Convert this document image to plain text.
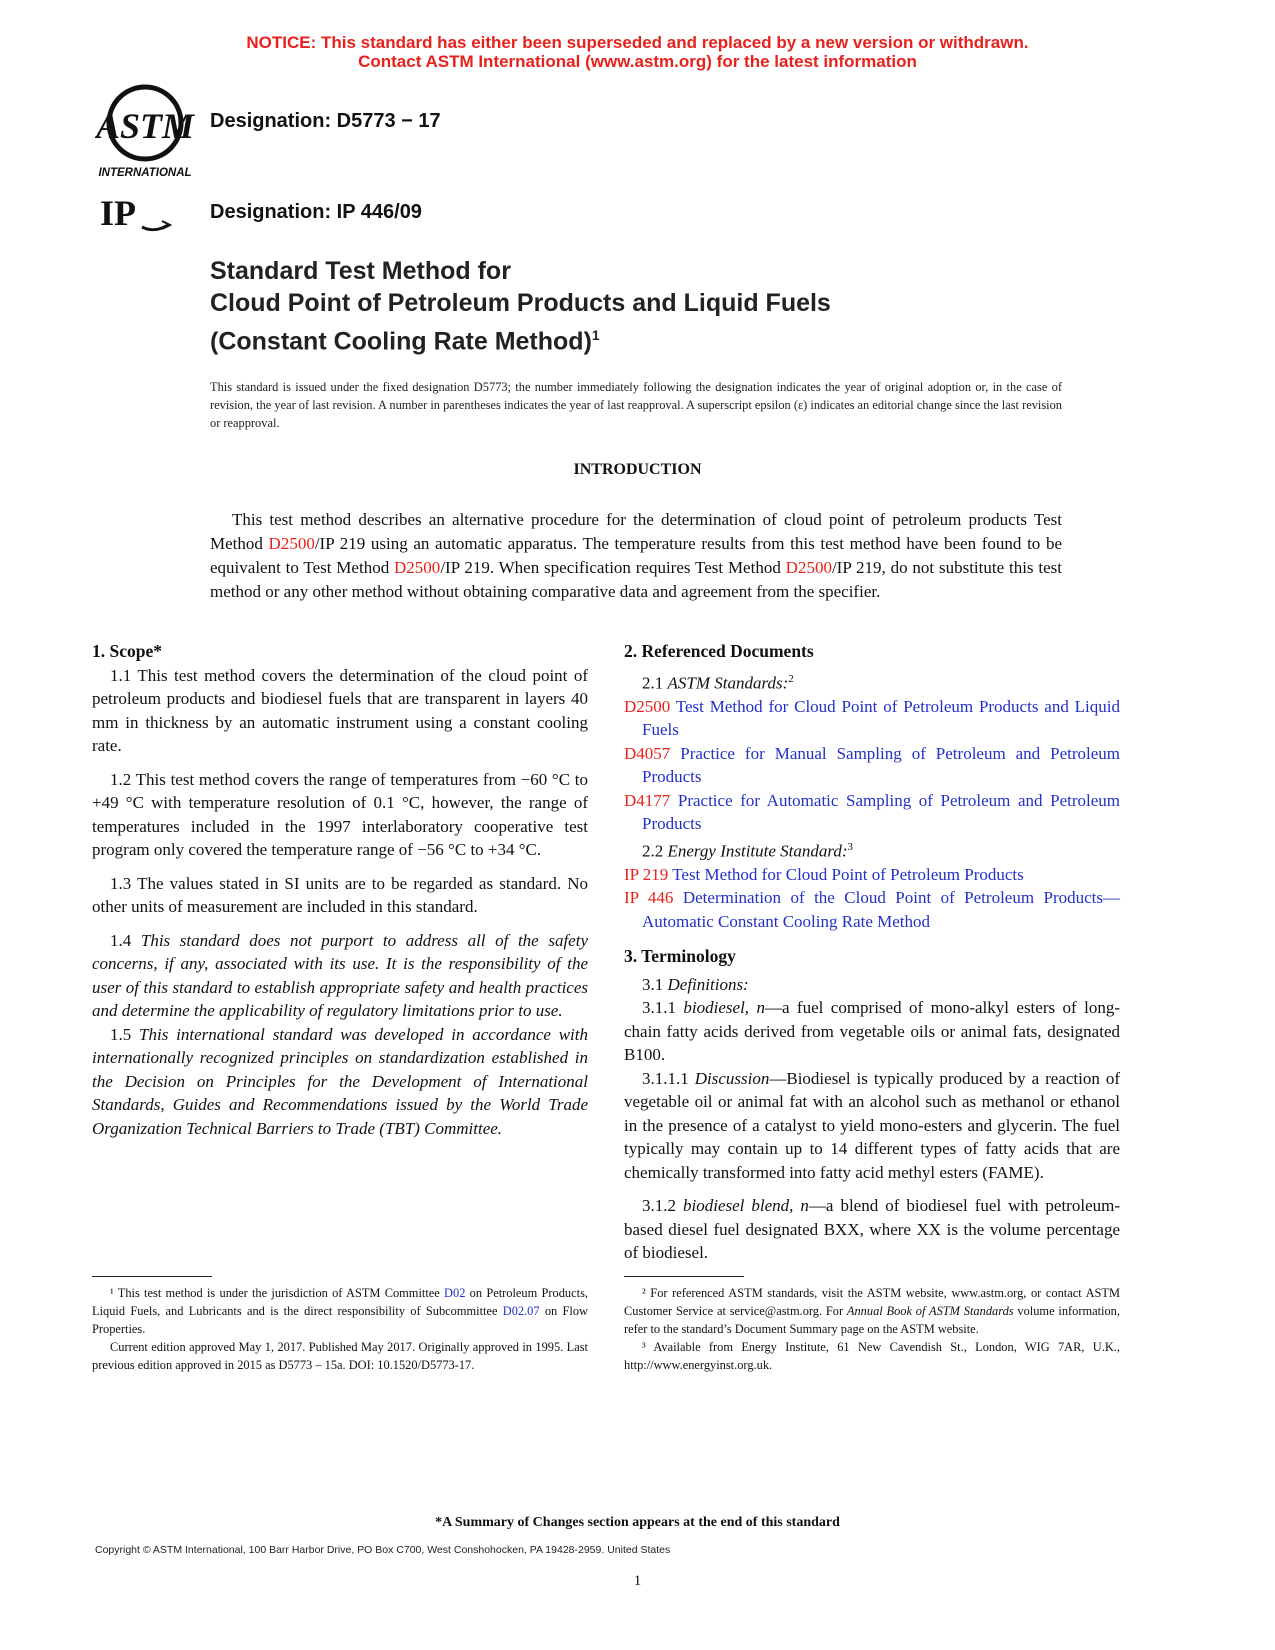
NOTICE: This standard has either been superseded and replaced by a new version or withdrawn.
Contact ASTM International (www.astm.org) for the latest information
ASTM
INTERNATIONAL
IP
Designation: D5773 − 17
Designation: IP 446/09
Standard Test Method for
Cloud Point of Petroleum Products and Liquid Fuels
(Constant Cooling Rate Method)$^1$
This standard is issued under the fixed designation D5773; the number immediately following the designation indicates the year of original adoption or, in the case of revision, the year of last revision. A number in parentheses indicates the year of last reapproval. A superscript epsilon (ε) indicates an editorial change since the last revision or reapproval.
INTRODUCTION
This test method describes an alternative procedure for the determination of cloud point of petroleum products Test Method D2500/IP 219 using an automatic apparatus. The temperature results from this test method have been found to be equivalent to Test Method D2500/IP 219. When specification requires Test Method D2500/IP 219, do not substitute this test method or any other method without obtaining comparative data and agreement from the specifier.

1. Scope*

1.1 This test method covers the determination of the cloud point of petroleum products and biodiesel fuels that are transparent in layers 40 mm in thickness by an automatic instrument using a constant cooling rate.

1.2 This test method covers the range of temperatures from −60 °C to +49 °C with temperature resolution of 0.1 °C, however, the range of temperatures included in the 1997 interlaboratory cooperative test program only covered the temperature range of −56 °C to +34 °C.

1.3 The values stated in SI units are to be regarded as standard. No other units of measurement are included in this standard.

1.4 This standard does not purport to address all of the safety concerns, if any, associated with its use. It is the responsibility of the user of this standard to establish appropriate safety and health practices and determine the applicability of regulatory limitations prior to use.

1.5 This international standard was developed in accordance with internationally recognized principles on standardization established in the Decision on Principles for the Development of International Standards, Guides and Recommendations issued by the World Trade Organization Technical Barriers to Trade (TBT) Committee.

2. Referenced Documents

2.1 ASTM Standards:$^2$

D2500 Test Method for Cloud Point of Petroleum Products and Liquid Fuels

D4057 Practice for Manual Sampling of Petroleum and Petroleum Products

D4177 Practice for Automatic Sampling of Petroleum and Petroleum Products

2.2 Energy Institute Standard:$^3$

IP 219 Test Method for Cloud Point of Petroleum Products

IP 446 Determination of the Cloud Point of Petroleum Products—Automatic Constant Cooling Rate Method

3. Terminology

3.1 Definitions:

3.1.1 biodiesel, n—a fuel comprised of mono-alkyl esters of long-chain fatty acids derived from vegetable oils or animal fats, designated B100.

3.1.1.1 Discussion—Biodiesel is typically produced by a reaction of vegetable oil or animal fat with an alcohol such as methanol or ethanol in the presence of a catalyst to yield mono-esters and glycerin. The fuel typically may contain up to 14 different types of fatty acids that are chemically transformed into fatty acid methyl esters (FAME).

3.1.2 biodiesel blend, n—a blend of biodiesel fuel with petroleum-based diesel fuel designated BXX, where XX is the volume percentage of biodiesel.

¹ This test method is under the jurisdiction of ASTM Committee D02 on Petroleum Products, Liquid Fuels, and Lubricants and is the direct responsibility of Subcommittee D02.07 on Flow Properties.

Current edition approved May 1, 2017. Published May 2017. Originally approved in 1995. Last previous edition approved in 2015 as D5773 – 15a. DOI: 10.1520/D5773-17.

² For referenced ASTM standards, visit the ASTM website, www.astm.org, or contact ASTM Customer Service at service@astm.org. For Annual Book of ASTM Standards volume information, refer to the standard’s Document Summary page on the ASTM website.

³ Available from Energy Institute, 61 New Cavendish St., London, WIG 7AR, U.K., http://www.energyinst.org.uk.

*A Summary of Changes section appears at the end of this standard
Copyright © ASTM International, 100 Barr Harbor Drive, PO Box C700, West Conshohocken, PA 19428-2959. United States
1
